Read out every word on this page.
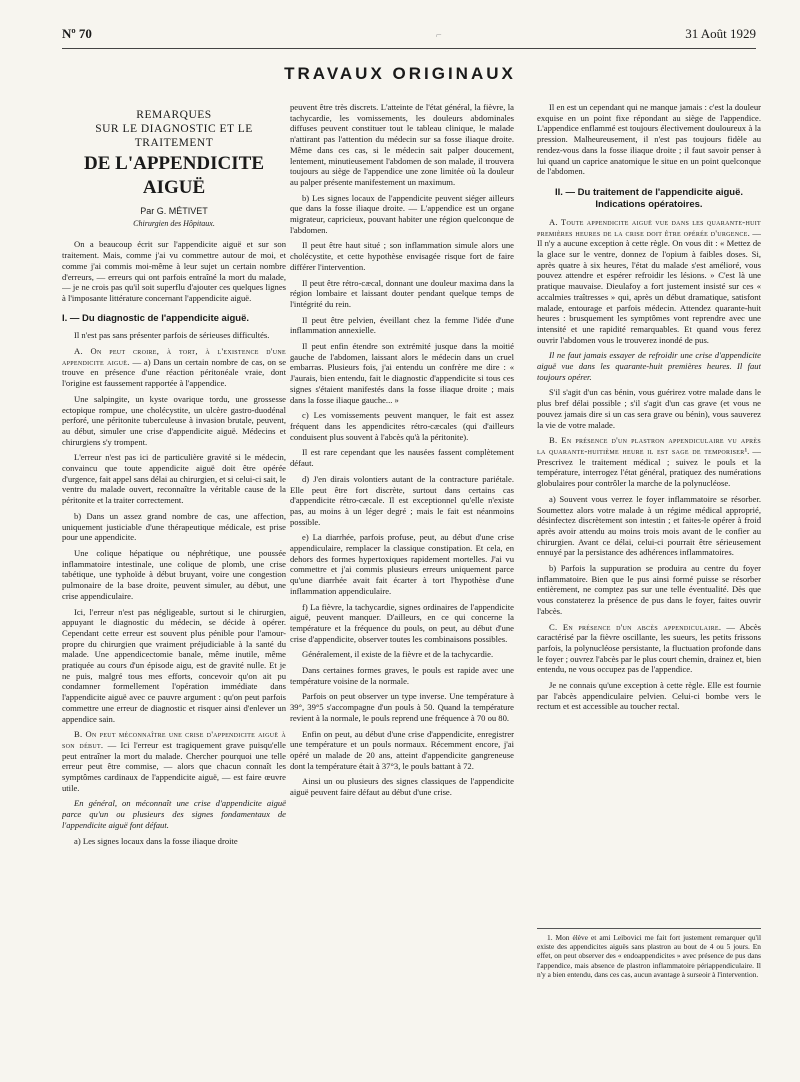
Nº 70	31 Août 1929
⌐
TRAVAUX ORIGINAUX
REMARQUES
SUR LE DIAGNOSTIC ET LE TRAITEMENT
DE L'APPENDICITE AIGUË
Par G. MÉTIVET
Chirurgien des Hôpitaux.

On a beaucoup écrit sur l'appendicite aiguë et sur son traitement. Mais, comme j'ai vu commettre autour de moi, et comme j'ai commis moi-même à leur sujet un certain nombre d'erreurs, — erreurs qui ont parfois entraîné la mort du malade, — je ne crois pas qu'il soit superflu d'ajouter ces quelques lignes à l'imposante littérature concernant l'appendicite aiguë.

I. — Du diagnostic de l'appendicite aiguë.

Il n'est pas sans présenter parfois de sérieuses difficultés.

A. On peut croire, à tort, à l'existence d'une appendicite aiguë. — a) Dans un certain nombre de cas, on se trouve en présence d'une réaction péritonéale vraie, dont l'origine est faussement rapportée à l'appendice.

Une salpingite, un kyste ovarique tordu, une grossesse ectopique rompue, une cholécystite, un ulcère gastro-duodénal perforé, une péritonite tuberculeuse à invasion brutale, peuvent, au début, simuler une crise d'appendicite aiguë. Médecins et chirurgiens s'y trompent.

L'erreur n'est pas ici de particulière gravité si le médecin, convaincu que toute appendicite aiguë doit être opérée d'urgence, fait appel sans délai au chirurgien, et si celui-ci sait, le ventre du malade ouvert, reconnaître la véritable cause de la péritonite et la traiter correctement.

b) Dans un assez grand nombre de cas, une affection, uniquement justiciable d'une thérapeutique médicale, est prise pour une appendicite.

Une colique hépatique ou néphrétique, une poussée inflammatoire intestinale, une colique de plomb, une crise tabétique, une typhoïde à début bruyant, voire une congestion pulmonaire de la base droite, peuvent simuler, au début, une crise appendiculaire.

Ici, l'erreur n'est pas négligeable, surtout si le chirurgien, appuyant le diagnostic du médecin, se décide à opérer. Cependant cette erreur est souvent plus pénible pour l'amour-propre du chirurgien que vraiment préjudiciable à la santé du malade. Une appendicectomie banale, même inutile, même pratiquée au cours d'un épisode aigu, est de gravité nulle. Et je ne puis, malgré tous mes efforts, concevoir qu'on ait pu condamner formellement l'opération immédiate dans l'appendicite aiguë avec ce pauvre argument : qu'on peut parfois commettre une erreur de diagnostic et risquer ainsi d'enlever un appendice sain.

B. On peut méconnaître une crise d'appendicite aiguë à son début. — Ici l'erreur est tragiquement grave puisqu'elle peut entraîner la mort du malade. Chercher pourquoi une telle erreur peut être commise, — alors que chacun connaît les symptômes cardinaux de l'appendicite aiguë, — est faire œuvre utile.

En général, on méconnaît une crise d'appendicite aiguë parce qu'un ou plusieurs des signes fondamentaux de l'appendicite aiguë font défaut.

a) Les signes locaux dans la fosse iliaque droite

peuvent être très discrets. L'atteinte de l'état général, la fièvre, la tachycardie, les vomissements, les douleurs abdominales diffuses peuvent constituer tout le tableau clinique, le malade n'attirant pas l'attention du médecin sur sa fosse iliaque droite. Même dans ces cas, si le médecin sait palper doucement, lentement, minutieusement l'abdomen de son malade, il trouvera toujours au siège de l'appendice une zone limitée où la douleur au palper présente manifestement un maximum.

b) Les signes locaux de l'appendicite peuvent siéger ailleurs que dans la fosse iliaque droite. — L'appendice est un organe migrateur, capricieux, pouvant habiter une région quelconque de l'abdomen.

Il peut être haut situé ; son inflammation simule alors une cholécystite, et cette hypothèse envisagée risque fort de faire différer l'intervention.

Il peut être rétro-cæcal, donnant une douleur maxima dans la région lombaire et laissant douter pendant quelque temps de l'intégrité du rein.

Il peut être pelvien, éveillant chez la femme l'idée d'une inflammation annexielle.

Il peut enfin étendre son extrémité jusque dans la moitié gauche de l'abdomen, laissant alors le médecin dans un cruel embarras. Plusieurs fois, j'ai entendu un confrère me dire : « J'aurais, bien entendu, fait le diagnostic d'appendicite si tous ces signes s'étaient manifestés dans la fosse iliaque droite ; mais dans la fosse iliaque gauche... »

c) Les vomissements peuvent manquer, le fait est assez fréquent dans les appendicites rétro-cæcales (qui d'ailleurs conduisent plus souvent à l'abcès qu'à la péritonite).

Il est rare cependant que les nausées fassent complètement défaut.

d) J'en dirais volontiers autant de la contracture pariétale. Elle peut être fort discrète, surtout dans certains cas d'appendicite rétro-cæcale. Il est exceptionnel qu'elle n'existe pas, au moins à un léger degré ; mais le fait est néanmoins possible.

e) La diarrhée, parfois profuse, peut, au début d'une crise appendiculaire, remplacer la classique constipation. Et cela, en dehors des formes hypertoxiques rapidement mortelles. J'ai vu commettre et j'ai commis plusieurs erreurs uniquement parce qu'une diarrhée avait fait écarter à tort l'hypothèse d'une inflammation appendiculaire.

f) La fièvre, la tachycardie, signes ordinaires de l'appendicite aiguë, peuvent manquer. D'ailleurs, en ce qui concerne la température et la fréquence du pouls, on peut, au début d'une crise d'appendicite, observer toutes les combinaisons possibles.

Généralement, il existe de la fièvre et de la tachycardie.

Dans certaines formes graves, le pouls est rapide avec une température voisine de la normale.

Parfois on peut observer un type inverse. Une température à 39°, 39°5 s'accompagne d'un pouls à 50. Quand la température revient à la normale, le pouls reprend une fréquence à 70 ou 80.

Enfin on peut, au début d'une crise d'appendicite, enregistrer une température et un pouls normaux. Récemment encore, j'ai opéré un malade de 20 ans, atteint d'appendicite gangreneuse dont la température était à 37°3, le pouls battant à 72.

Ainsi un ou plusieurs des signes classiques de l'appendicite aiguë peuvent faire défaut au début d'une crise.

Il en est un cependant qui ne manque jamais : c'est la douleur exquise en un point fixe répondant au siège de l'appendice. L'appendice enflammé est toujours électivement douloureux à la pression. Malheureusement, il n'est pas toujours fidèle au rendez-vous dans la fosse iliaque droite ; il faut savoir penser à lui quand un caprice anatomique le situe en un point quelconque de l'abdomen.

II. — Du traitement de l'appendicite aiguë. Indications opératoires.

A. Toute appendicite aiguë vue dans les quarante-huit premières heures de la crise doit être opérée d'urgence. — Il n'y a aucune exception à cette règle. On vous dit : « Mettez de la glace sur le ventre, donnez de l'opium à faibles doses. Si, après quatre à six heures, l'état du malade s'est amélioré, vous pouvez attendre et espérer refroidir les lésions. » C'est là une pratique mauvaise. Dieulafoy a fort justement insisté sur ces « accalmies traîtresses » qui, après un début dramatique, satisfont malade, entourage et parfois médecin. Attendez quarante-huit heures : brusquement les symptômes vont reprendre avec une intensité et une rapidité remarquables. Et quand vous ferez ouvrir l'abdomen vous le trouverez inondé de pus.

Il ne faut jamais essayer de refroidir une crise d'appendicite aiguë vue dans les quarante-huit premières heures. Il faut toujours opérer.

S'il s'agit d'un cas bénin, vous guérirez votre malade dans le plus bref délai possible ; s'il s'agit d'un cas grave (et vous ne pouvez jamais dire si un cas sera grave ou bénin), vous sauverez la vie de votre malade.

B. En présence d'un plastron appendiculaire vu après la quarante-huitième heure il est sage de temporiser¹. — Prescrivez le traitement médical ; suivez le pouls et la température, interrogez l'état général, pratiquez des numérations globulaires pour contrôler la marche de la polynucléose.

a) Souvent vous verrez le foyer inflammatoire se résorber. Soumettez alors votre malade à un régime médical approprié, désinfectez discrètement son intestin ; et faites-le opérer à froid après avoir attendu au moins trois mois avant de le confier au chirurgien. Avant ce délai, celui-ci pourrait être sérieusement ennuyé par la persistance des adhérences inflammatoires.

b) Parfois la suppuration se produira au centre du foyer inflammatoire. Bien que le pus ainsi formé puisse se résorber entièrement, ne comptez pas sur une telle éventualité. Dès que vous constaterez la présence de pus dans le foyer, faites ouvrir l'abcès.

C. En présence d'un abcès appendiculaire. — Abcès caractérisé par la fièvre oscillante, les sueurs, les petits frissons parfois, la polynucléose persistante, la fluctuation profonde dans le foyer ; ouvrez l'abcès par le plus court chemin, drainez et, bien entendu, ne vous occupez pas de l'appendice.

Je ne connais qu'une exception à cette règle. Elle est fournie par l'abcès appendiculaire pelvien. Celui-ci bombe vers le rectum et est accessible au toucher rectal.

1. Mon élève et ami Leibovici me fait fort justement remarquer qu'il existe des appendicites aiguës sans plastron au bout de 4 ou 5 jours. En effet, on peut observer des « endoappendicites » avec présence de pus dans l'appendice, mais absence de plastron inflammatoire périappendiculaire. Il n'y a bien entendu, dans ces cas, aucun avantage à surseoir à l'intervention.
